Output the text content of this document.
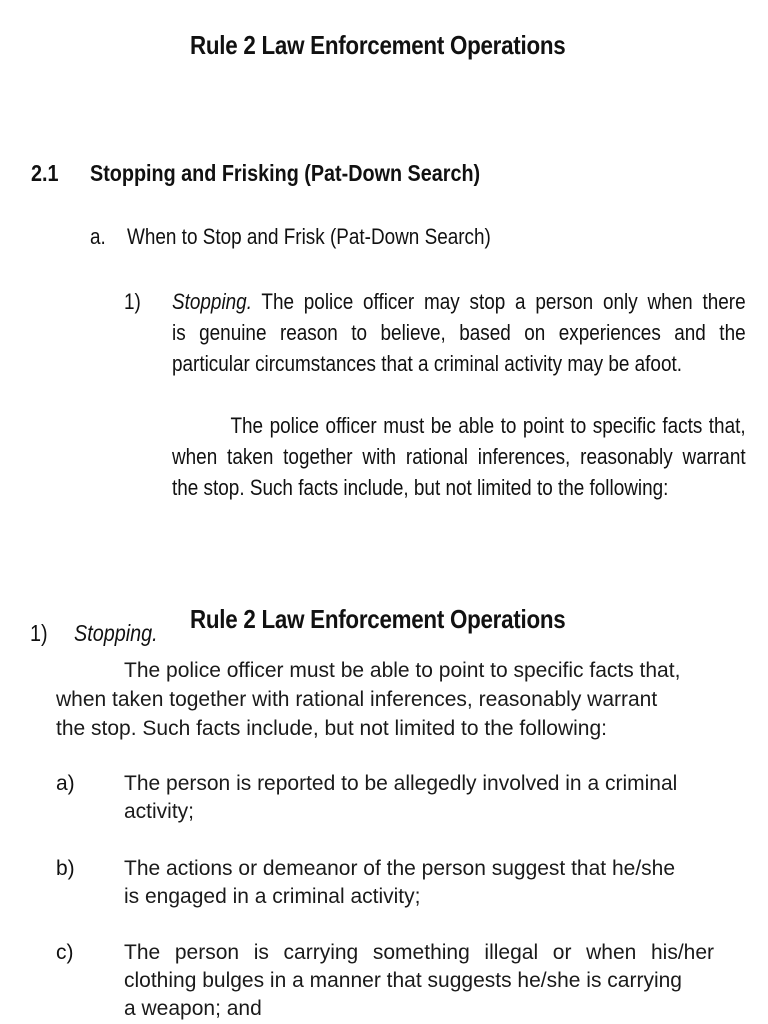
Rule 2 Law Enforcement Operations
2.1 Stopping and Frisking (Pat-Down Search)
a. When to Stop and Frisk (Pat-Down Search)
1) Stopping. The police officer may stop a person only when there
is genuine reason to believe, based on experiences and the
particular circumstances that a criminal activity may be afoot.
The police officer must be able to point to specific facts that,
when taken together with rational inferences, reasonably warrant
the stop. Such facts include, but not limited to the following:
Rule 2 Law Enforcement Operations
1) Stopping.
The police officer must be able to point to specific facts that,
when taken together with rational inferences, reasonably warrant
the stop. Such facts include, but not limited to the following:
a) The person is reported to be allegedly involved in a criminal
activity;
b) The actions or demeanor of the person suggest that he/she
is engaged in a criminal activity;
c) The person is carrying something illegal or when his/her
clothing bulges in a manner that suggests he/she is carrying
a weapon; and
